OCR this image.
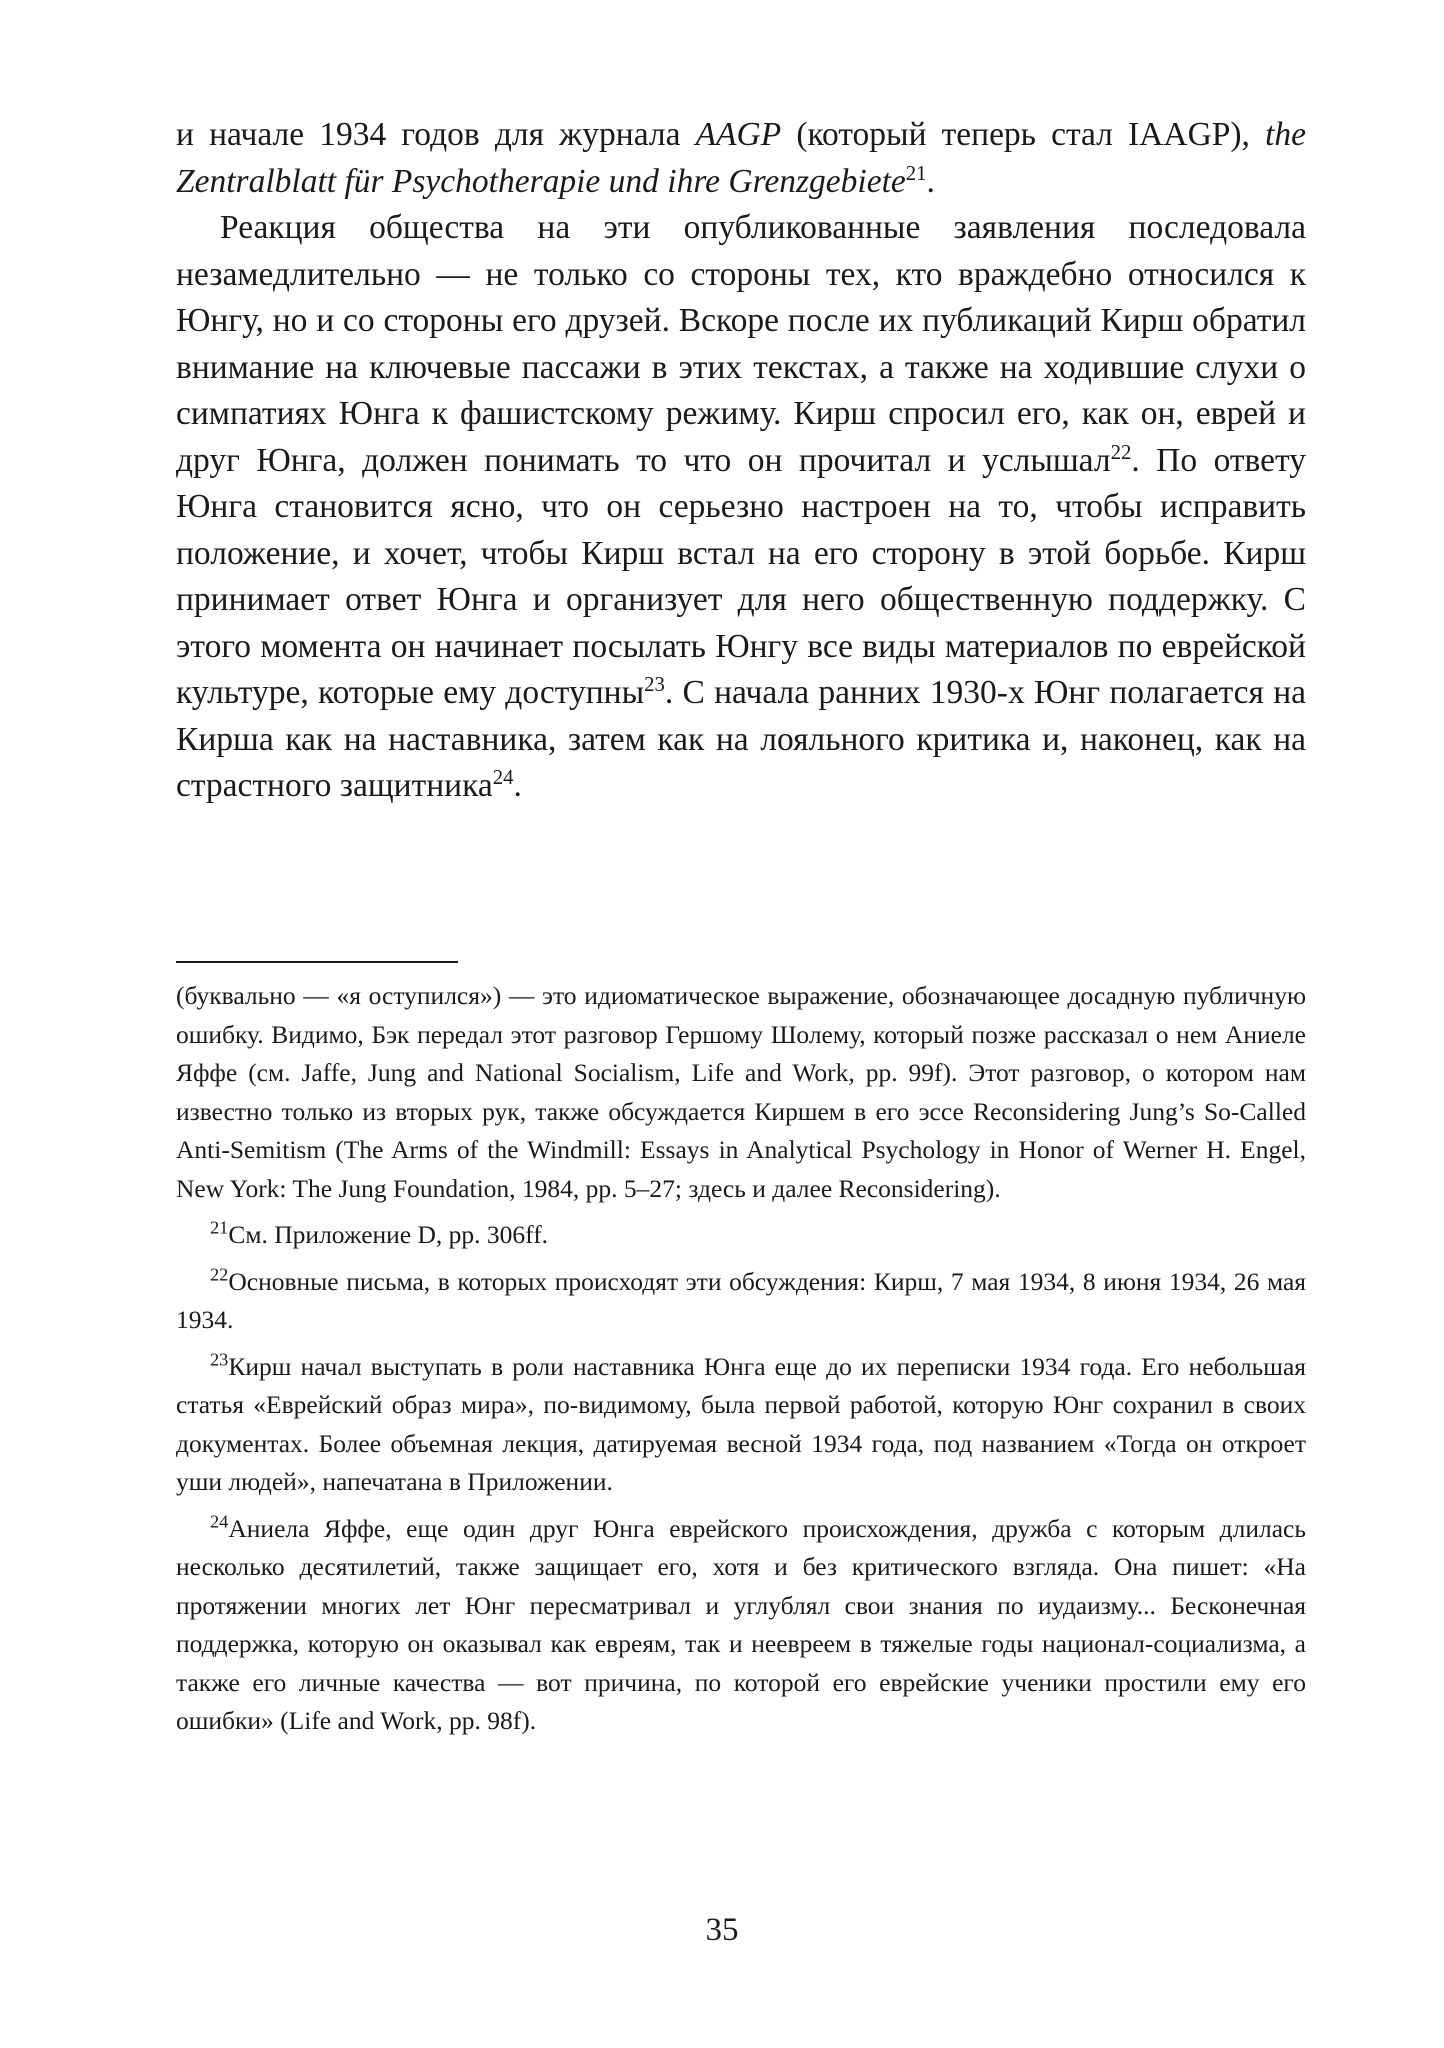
и начале 1934 годов для журнала AAGP (который теперь стал IAAGP), the Zentralblatt für Psychotherapie und ihre Grenzgebiete$^{21}$.

Реакция общества на эти опубликованные заявления последовала незамедлительно — не только со стороны тех, кто враждебно относился к Юнгу, но и со стороны его друзей. Вскоре после их публикаций Кирш обратил внимание на ключевые пассажи в этих текстах, а также на ходившие слухи о симпатиях Юнга к фашистскому режиму. Кирш спросил его, как он, еврей и друг Юнга, должен понимать то что он прочитал и услышал$^{22}$. По ответу Юнга становится ясно, что он серьезно настроен на то, чтобы исправить положение, и хочет, чтобы Кирш встал на его сторону в этой борьбе. Кирш принимает ответ Юнга и организует для него общественную поддержку. С этого момента он начинает посылать Юнгу все виды материалов по еврейской культуре, которые ему доступны$^{23}$. С начала ранних 1930-х Юнг полагается на Кирша как на наставника, затем как на лояльного критика и, наконец, как на страстного защитника$^{24}$.

(буквально — «я оступился») — это идиоматическое выражение, обозначающее досадную публичную ошибку. Видимо, Бэк передал этот разговор Гершому Шолему, который позже рассказал о нем Аниеле Яффе (см. Jaffe, Jung and National Socialism, Life and Work, pp. 99f). Этот разговор, о котором нам известно только из вторых рук, также обсуждается Киршем в его эссе Reconsidering Jung’s So-Called Anti-Semitism (The Arms of the Windmill: Essays in Analytical Psychology in Honor of Werner H. Engel, New York: The Jung Foundation, 1984, pp. 5–27; здесь и далее Reconsidering).

$^{21}$См. Приложение D, pp. 306ff.

$^{22}$Основные письма, в которых происходят эти обсуждения: Кирш, 7 мая 1934, 8 июня 1934, 26 мая 1934.

$^{23}$Кирш начал выступать в роли наставника Юнга еще до их переписки 1934 года. Его небольшая статья «Еврейский образ мира», по-видимому, была первой работой, которую Юнг сохранил в своих документах. Более объемная лекция, датируемая весной 1934 года, под названием «Тогда он откроет уши людей», напечатана в Приложении.

$^{24}$Аниела Яффе, еще один друг Юнга еврейского происхождения, дружба с которым длилась несколько десятилетий, также защищает его, хотя и без критического взгляда. Она пишет: «На протяжении многих лет Юнг пересматривал и углублял свои знания по иудаизму... Бесконечная поддержка, которую он оказывал как евреям, так и неевреем в тяжелые годы национал-социализма, а также его личные качества — вот причина, по которой его еврейские ученики простили ему его ошибки» (Life and Work, pp. 98f).

35
